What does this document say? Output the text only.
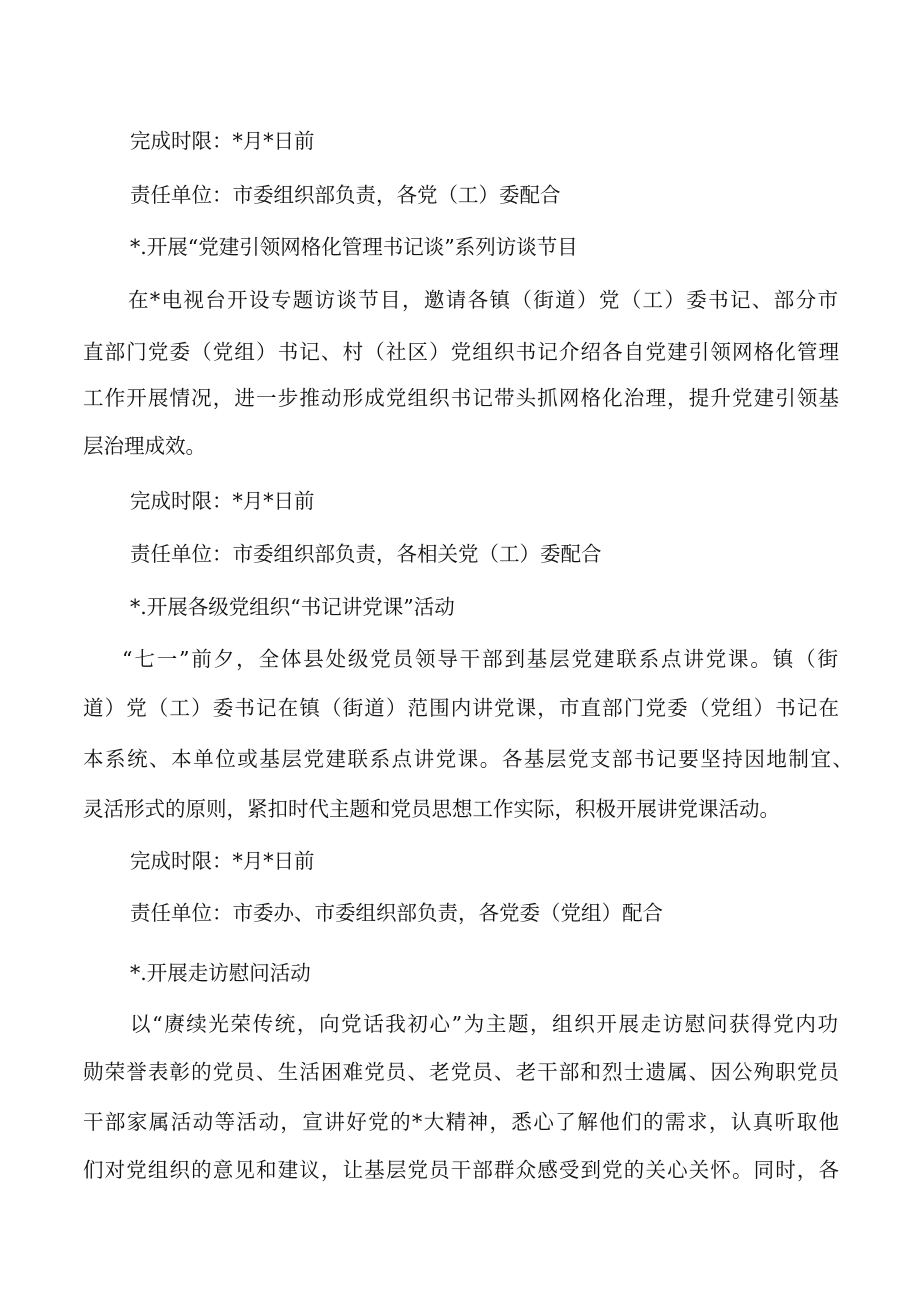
完成时限：*月*日前

责任单位：市委组织部负责，各党（工）委配合

*.开展“党建引领网格化管理书记谈”系列访谈节目

在*电视台开设专题访谈节目，邀请各镇（街道）党（工）委书记、部分市

直部门党委（党组）书记、村（社区）党组织书记介绍各自党建引领网格化管理

工作开展情况，进一步推动形成党组织书记带头抓网格化治理，提升党建引领基

层治理成效。

完成时限：*月*日前

责任单位：市委组织部负责，各相关党（工）委配合

*.开展各级党组织“书记讲党课”活动

“七一”前夕，全体县处级党员领导干部到基层党建联系点讲党课。镇（街

道）党（工）委书记在镇（街道）范围内讲党课，市直部门党委（党组）书记在

本系统、本单位或基层党建联系点讲党课。各基层党支部书记要坚持因地制宜、

灵活形式的原则，紧扣时代主题和党员思想工作实际，积极开展讲党课活动。

完成时限：*月*日前

责任单位：市委办、市委组织部负责，各党委（党组）配合

*.开展走访慰问活动

以“赓续光荣传统，向党话我初心”为主题，组织开展走访慰问获得党内功

勋荣誉表彰的党员、生活困难党员、老党员、老干部和烈士遗属、因公殉职党员

干部家属活动等活动，宣讲好党的*大精神，悉心了解他们的需求，认真听取他

们对党组织的意见和建议，让基层党员干部群众感受到党的关心关怀。同时，各
